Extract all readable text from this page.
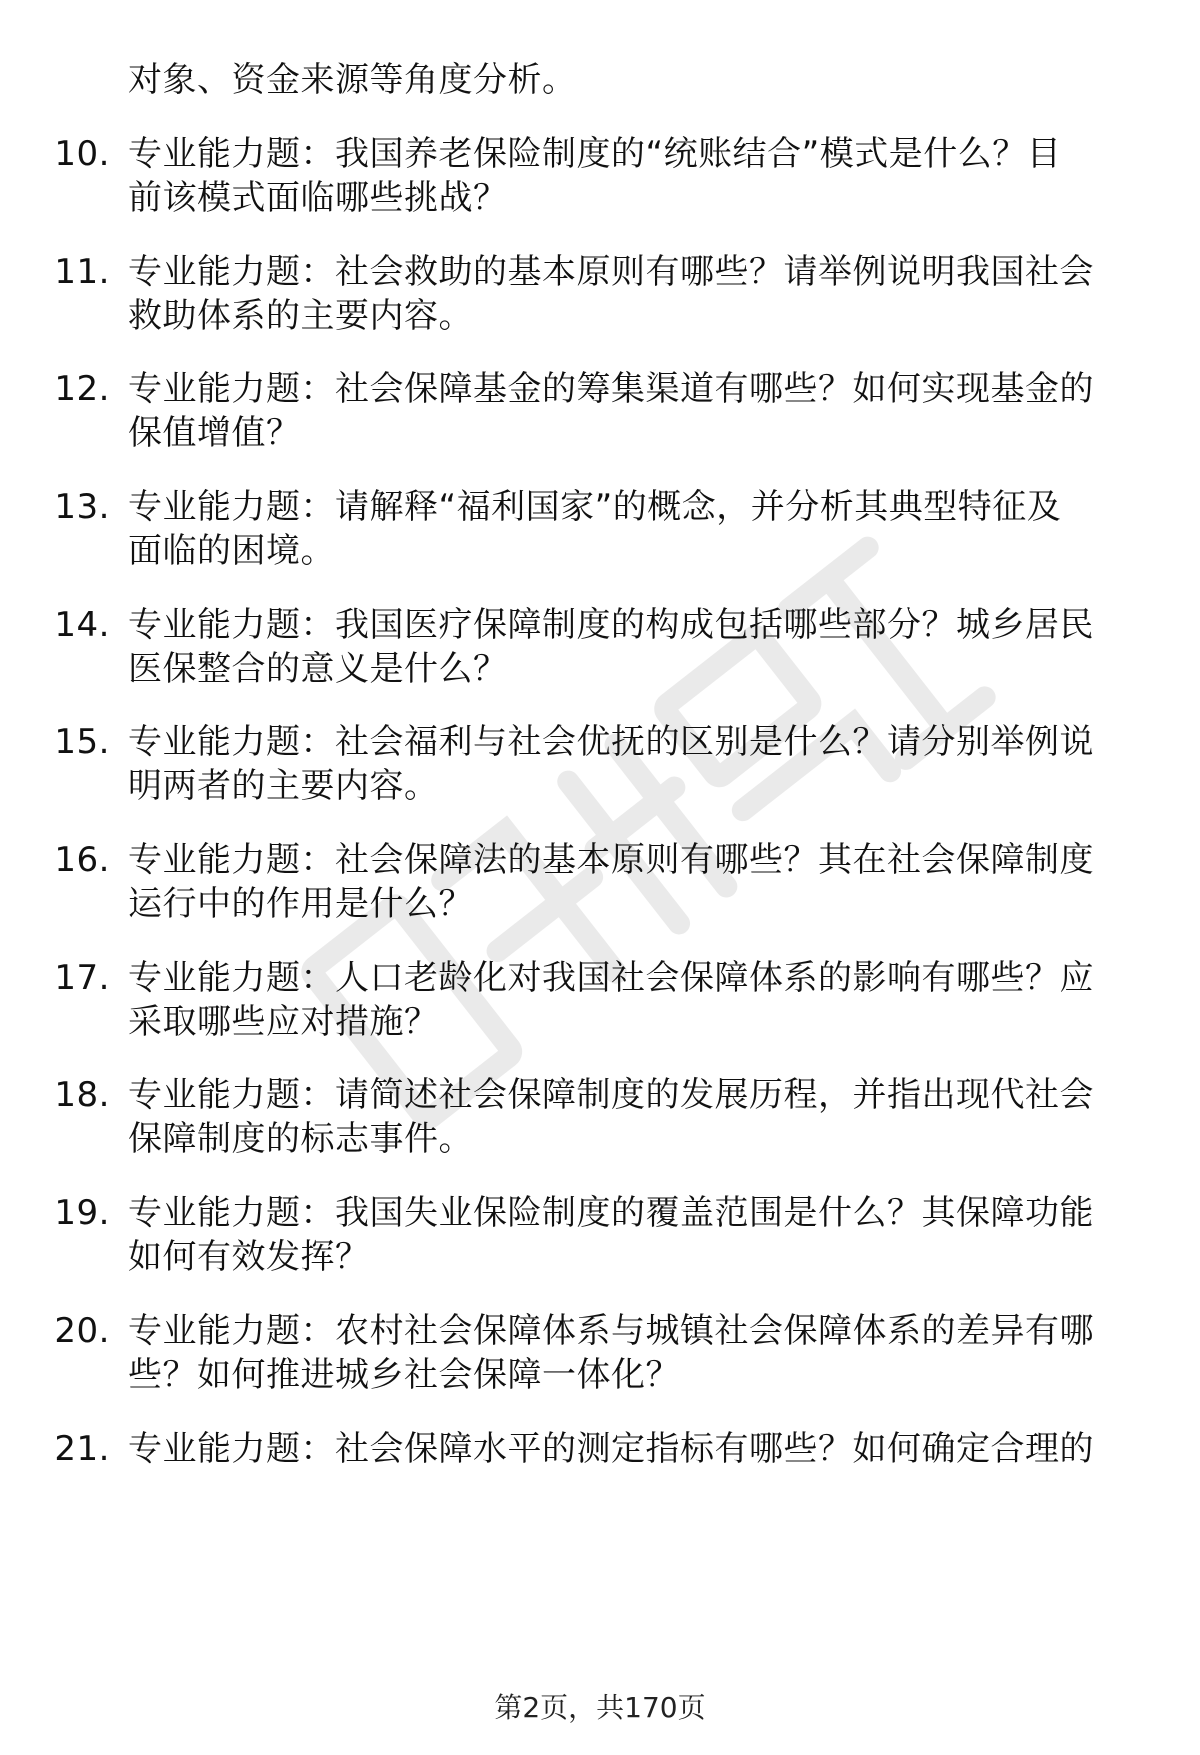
对象、资金来源等角度分析。
10. 专业能力题：我国养老保险制度的“统账结合”模式是什么？目
前该模式面临哪些挑战？
11. 专业能力题：社会救助的基本原则有哪些？请举例说明我国社会
救助体系的主要内容。
12. 专业能力题：社会保障基金的筹集渠道有哪些？如何实现基金的
保值增值？
13. 专业能力题：请解释“福利国家”的概念，并分析其典型特征及
面临的困境。
14. 专业能力题：我国医疗保障制度的构成包括哪些部分？城乡居民
医保整合的意义是什么？
15. 专业能力题：社会福利与社会优抚的区别是什么？请分别举例说
明两者的主要内容。
16. 专业能力题：社会保障法的基本原则有哪些？其在社会保障制度
运行中的作用是什么？
17. 专业能力题：人口老龄化对我国社会保障体系的影响有哪些？应
采取哪些应对措施？
18. 专业能力题：请简述社会保障制度的发展历程，并指出现代社会
保障制度的标志事件。
19. 专业能力题：我国失业保险制度的覆盖范围是什么？其保障功能
如何有效发挥？
20. 专业能力题：农村社会保障体系与城镇社会保障体系的差异有哪
些？如何推进城乡社会保障一体化？
21. 专业能力题：社会保障水平的测定指标有哪些？如何确定合理的
第2页，共170页
